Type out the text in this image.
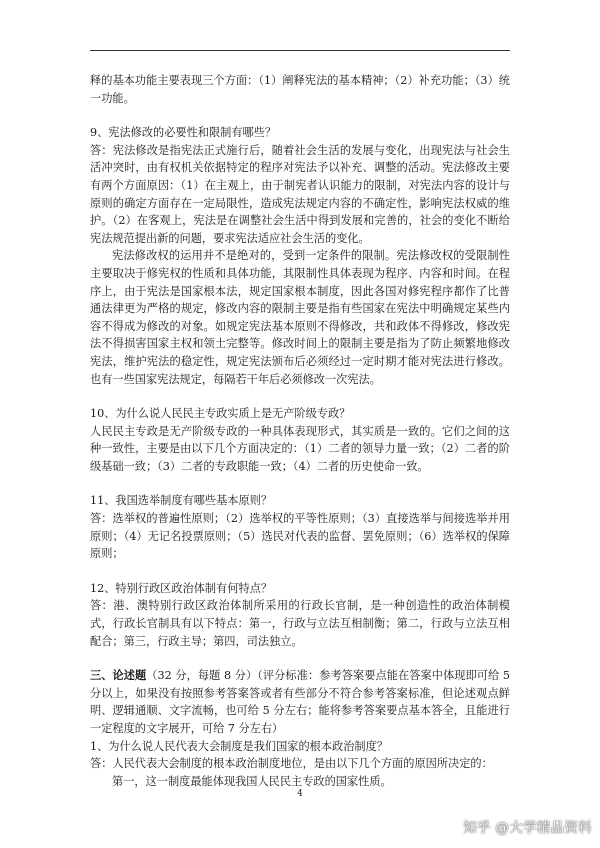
释的基本功能主要表现三个方面：（1）阐释宪法的基本精神；（2）补充功能；（3）统一功能。

9、宪法修改的必要性和限制有哪些？

答：宪法修改是指宪法正式施行后，随着社会生活的发展与变化，出现宪法与社会生活冲突时，由有权机关依据特定的程序对宪法予以补充、调整的活动。宪法修改主要有两个方面原因：（1）在主观上，由于制宪者认识能力的限制，对宪法内容的设计与原则的确定方面存在一定局限性，造成宪法规定内容的不确定性，影响宪法权威的维护。（2）在客观上，宪法是在调整社会生活中得到发展和完善的，社会的变化不断给宪法规范提出新的问题，要求宪法适应社会生活的变化。

宪法修改权的运用并不是绝对的，受到一定条件的限制。宪法修改权的受限制性主要取决于修宪权的性质和具体功能，其限制性具体表现为程序、内容和时间。在程序上，由于宪法是国家根本法，规定国家根本制度，因此各国对修宪程序都作了比普通法律更为严格的规定，修改内容的限制主要是指有些国家在宪法中明确规定某些内容不得成为修改的对象。如规定宪法基本原则不得修改，共和政体不得修改，修改宪法不得损害国家主权和领土完整等。修改时间上的限制主要是指为了防止频繁地修改宪法，维护宪法的稳定性，规定宪法颁布后必须经过一定时期才能对宪法进行修改。也有一些国家宪法规定，每隔若干年后必须修改一次宪法。

10、为什么说人民民主专政实质上是无产阶级专政？

人民民主专政是无产阶级专政的一种具体表现形式，其实质是一致的。它们之间的这种一致性，主要是由以下几个方面决定的：（1）二者的领导力量一致；（2）二者的阶级基础一致；（3）二者的专政职能一致；（4）二者的历史使命一致。

11、我国选举制度有哪些基本原则？

答：选举权的普遍性原则；（2）选举权的平等性原则；（3）直接选举与间接选举并用原则；（4）无记名投票原则；（5）选民对代表的监督、罢免原则；（6）选举权的保障原则；

12、特别行政区政治体制有何特点？

答：港、澳特别行政区政治体制所采用的行政长官制，是一种创造性的政治体制模式，行政长官制具有以下特点：第一，行政与立法互相制衡；第二，行政与立法互相配合；第三，行政主导；第四，司法独立。

三、论述题（32 分，每题 8 分）（评分标准：参考答案要点能在答案中体现即可给 5 分以上，如果没有按照参考答案答或者有些部分不符合参考答案标准，但论述观点鲜明、逻辑通顺、文字流畅，也可给 5 分左右；能将参考答案要点基本答全，且能进行一定程度的文字展开，可给 7 分左右）

1、为什么说人民代表大会制度是我们国家的根本政治制度？

答：人民代表大会制度的根本政治制度地位，是由以下几个方面的原因所决定的：

第一，这一制度最能体现我国人民民主专政的国家性质。

4
知乎 @大学精品资料
